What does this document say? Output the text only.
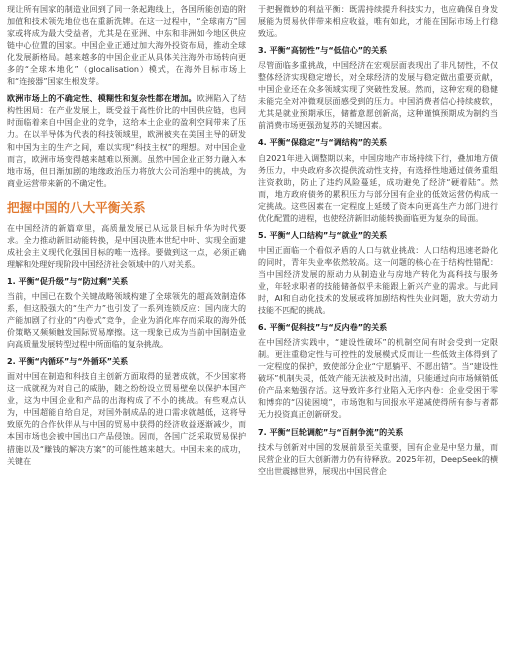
现让所有国家的制造业回到了同一条起跑线上，各国所能创造的附加值和技术领先地位也在重新洗牌。在这一过程中，“全球南方”国家或将成为最大受益者，尤其是在亚洲、中东和非洲如今地区供应链中心位置的国家。中国企业正通过加大海外投资布局，推动全球化发展新格局。越来越多的中国企业正从具体关注海外市场转向更多的“全球本地化”（glocalisation）模式，在海外目标市场上和“连接器”国家生根发芽。

欧洲市场上的不确定性、模糊性和复杂性都在增加。欧洲陷入了结构性困局：在产业发展上，既受益于高性价比的中国供应链，也同时面临着来自中国企业的竞争，这给本土企业的盈利空间带来了压力。在以半导体为代表的科技领域里，欧洲被夹在美国主导的研发和中国为主的生产之间，难以实现“科技主权”的理想。对中国企业而言，欧洲市场变得越来越难以预测。虽然中国企业正努力融入本地市场，但日渐加剧的地缘政治压力将放大公司治理中的挑战，为商业运营带来新的不确定性。

把握中国的八大平衡关系

在中国经济的新篇章里，高质量发展已从远景目标升华为时代要求。全力推动新旧动能转换，是中国决胜本世纪中叶、实现全面建成社会主义现代化强国目标的唯一选择。要做到这一点，必须正确理解和处理好现阶段中国经济社会领域中的八对关系。

1. 平衡“促升级”与“防过剩”关系

当前，中国已在数个关键战略领域构建了全球领先的超高效制造体系，但这股强大的“生产力”也引发了一系列连锁反应：国内庞大的产能加剧了行业的“内卷式”竞争，企业为消化库存而采取的海外低价策略又频频触发国际贸易摩擦。这一现象已成为当前中国制造业向高质量发展转型过程中所面临的复杂挑战。

2. 平衡“内循环”与“外循环”关系

面对中国在制造和科技自主创新方面取得的显著成就，不少国家将这一成就视为对自己的威胁，随之纷纷设立贸易壁垒以保护本国产业，这为中国企业和产品的出海构成了不小的挑战。有些观点认为，中国超能自给自足，对国外制成品的进口需求就越低，这将导致原先的合作伙伴从与中国的贸易中获得的经济收益逐渐减少，而本国市场也会被中国出口产品侵蚀。因而，各国广泛采取贸易保护措施以及“赚钱的解决方案”的可能性越来越大。中国未来的成功，关键在

于把握微妙的利益平衡：既需持续提升科技实力，也应确保自身发展能为贸易伙伴带来相应收益，唯有如此，才能在国际市场上行稳致远。

3. 平衡“高韧性”与“低信心”的关系

尽管面临多重挑战，中国经济在宏观层面表现出了非凡韧性，不仅整体经济实现稳定增长，对全球经济的发展与稳定做出重要贡献，中国企业还在众多领域实现了突破性发展。然而，这种宏观的稳健未能完全对冲微观层面感受到的压力。中国消费者信心持续疲软，尤其是就业预期承压，储蓄意愿创新高，这种谨慎预期成为制约当前消费市场更强劲复苏的关键因素。

4. 平衡“保稳定”与“调结构”的关系

自2021年进入调整期以来，中国房地产市场持续下行，叠加地方债务压力，中央政府多次提供流动性支持，有选择性地通过债务重组注资救助，防止了违约风险蔓延，成功避免了经济“硬着陆”。然而，地方政府债务的累积压力与部分国有企业的低效运营仍构成一定挑战。这些因素在一定程度上延缓了资本向更高生产力部门进行优化配置的进程，也使经济新旧动能转换面临更为复杂的局面。

5. 平衡“人口结构”与“就业”的关系

中国正面临一个看似矛盾的人口与就业挑战：人口结构迅速老龄化的同时，青年失业率依然较高。这一问题的核心在于结构性错配：当中国经济发展的原动力从制造业与房地产转化为高科技与服务业，年轻求职者的技能储备似乎未能跟上新兴产业的需求。与此同时，AI和自动化技术的发展或将加剧结构性失业问题，放大劳动力技能不匹配的挑战。

6. 平衡“促科技”与“反内卷”的关系

在中国经济实践中，“建设性破坏”的机制空间有时会受到一定限制。更注重稳定性与可控性的发展模式反而让一些低效主体得到了一定程度的保护，致使部分企业“宁愿躺平、不愿出错”。当“建设性破坏”机制失灵，低效产能无法被及时出清，只能通过向市场倾销低价产品来勉强存活。这导致许多行业陷入无序内卷：企业受困于零和博弈的“囚徒困境”，市场饱和与回报水平递减使得所有参与者都无力投资真正创新研发。

7. 平衡“巨轮调舵”与“百舸争流”的关系

技术与创新对中国的发展前景至关重要，国有企业是中坚力量，而民营企业的巨大创新潜力仍有待释放。2025年初，DeepSeek的横空出世震撼世界，展现出中国民营企
